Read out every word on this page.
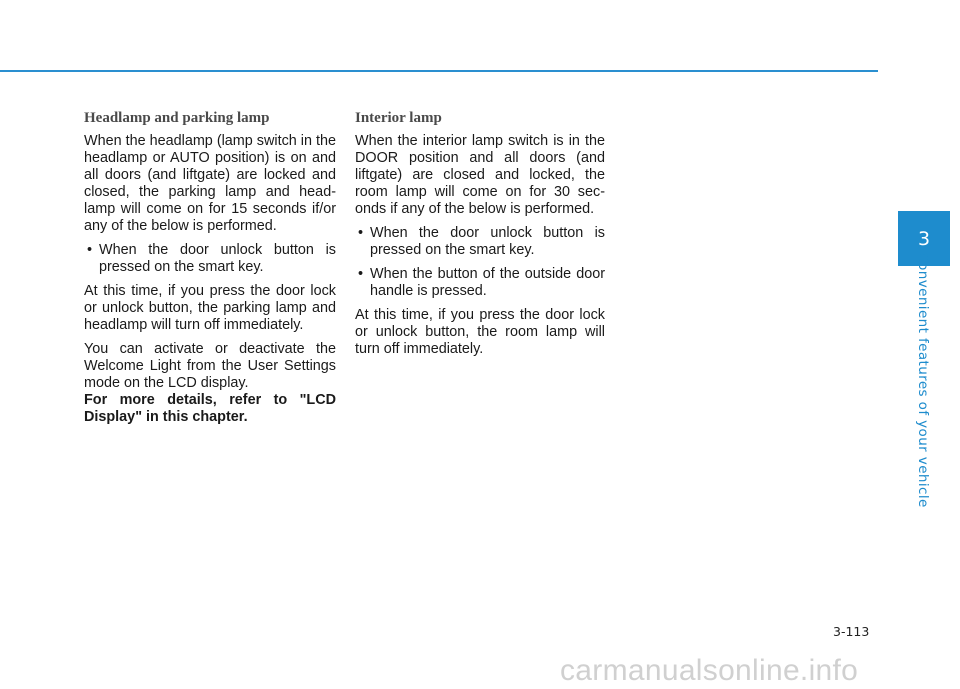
Headlamp and parking lamp

When the headlamp (lamp switch in the headlamp or AUTO position) is on and all doors (and liftgate) are locked and closed, the parking lamp and head-lamp will come on for 15 seconds if/or any of the below is performed.

• When the door unlock button is pressed on the smart key.

At this time, if you press the door lock or unlock button, the parking lamp and headlamp will turn off immediately.

You can activate or deactivate the Welcome Light from the User Settings mode on the LCD display.

For more details, refer to "LCD Display" in this chapter.

Interior lamp

When the interior lamp switch is in the DOOR position and all doors (and liftgate) are closed and locked, the room lamp will come on for 30 sec-onds if any of the below is performed.

• When the door unlock button is pressed on the smart key.
• When the button of the outside door handle is pressed.

At this time, if you press the door lock or unlock button, the room lamp will turn off immediately.

3
Convenient features of your vehicle
3-113
carmanualsonline.info
